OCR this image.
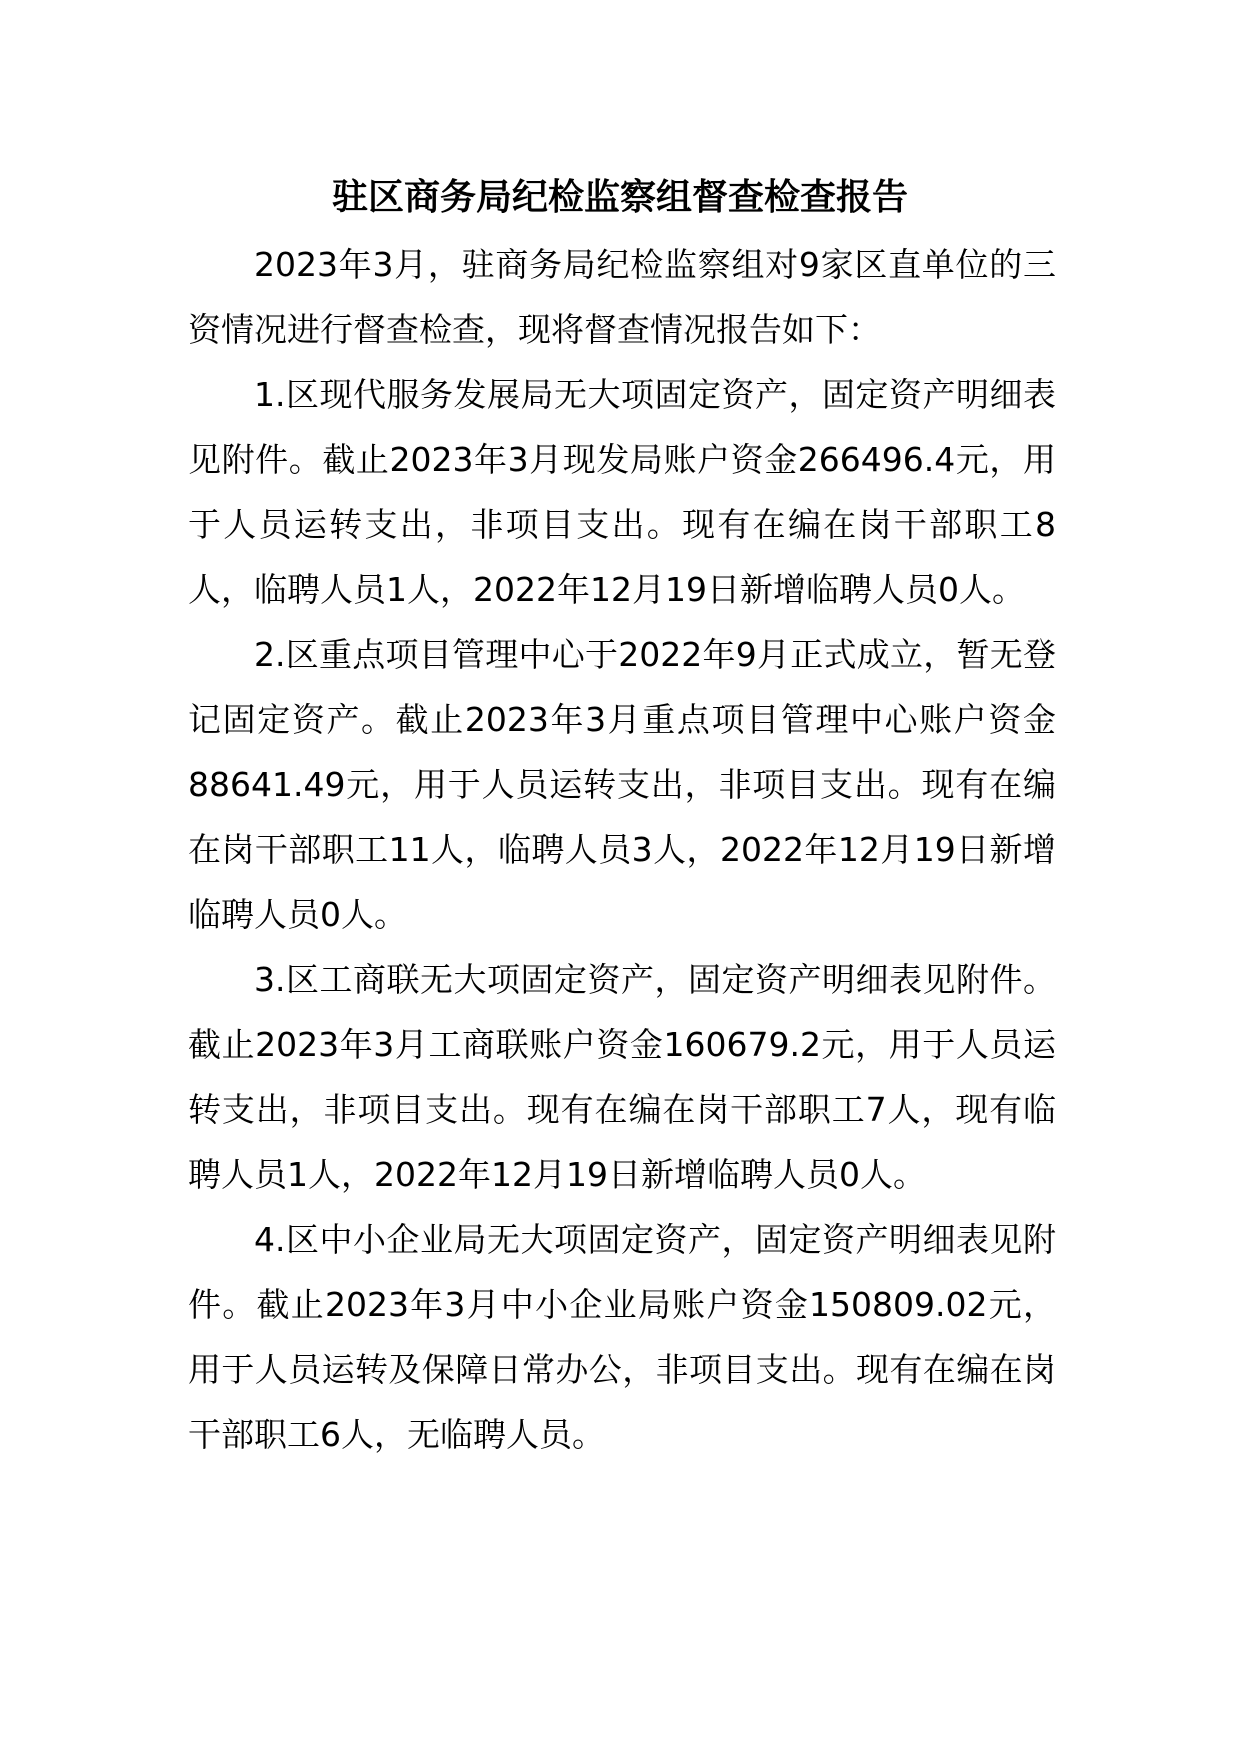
驻区商务局纪检监察组督查检查报告

2023年3月，驻商务局纪检监察组对9家区直单位的三资情况进行督查检查，现将督查情况报告如下：

1.区现代服务发展局无大项固定资产，固定资产明细表见附件。截止2023年3月现发局账户资金266496.4元，用于人员运转支出，非项目支出。现有在编在岗干部职工8人，临聘人员1人，2022年12月19日新增临聘人员0人。

2.区重点项目管理中心于2022年9月正式成立，暂无登记固定资产。截止2023年3月重点项目管理中心账户资金88641.49元，用于人员运转支出，非项目支出。现有在编在岗干部职工11人，临聘人员3人，2022年12月19日新增临聘人员0人。

3.区工商联无大项固定资产，固定资产明细表见附件。截止2023年3月工商联账户资金160679.2元，用于人员运转支出，非项目支出。现有在编在岗干部职工7人，现有临聘人员1人，2022年12月19日新增临聘人员0人。

4.区中小企业局无大项固定资产，固定资产明细表见附件。截止2023年3月中小企业局账户资金150809.02元，用于人员运转及保障日常办公，非项目支出。现有在编在岗干部职工6人，无临聘人员。
